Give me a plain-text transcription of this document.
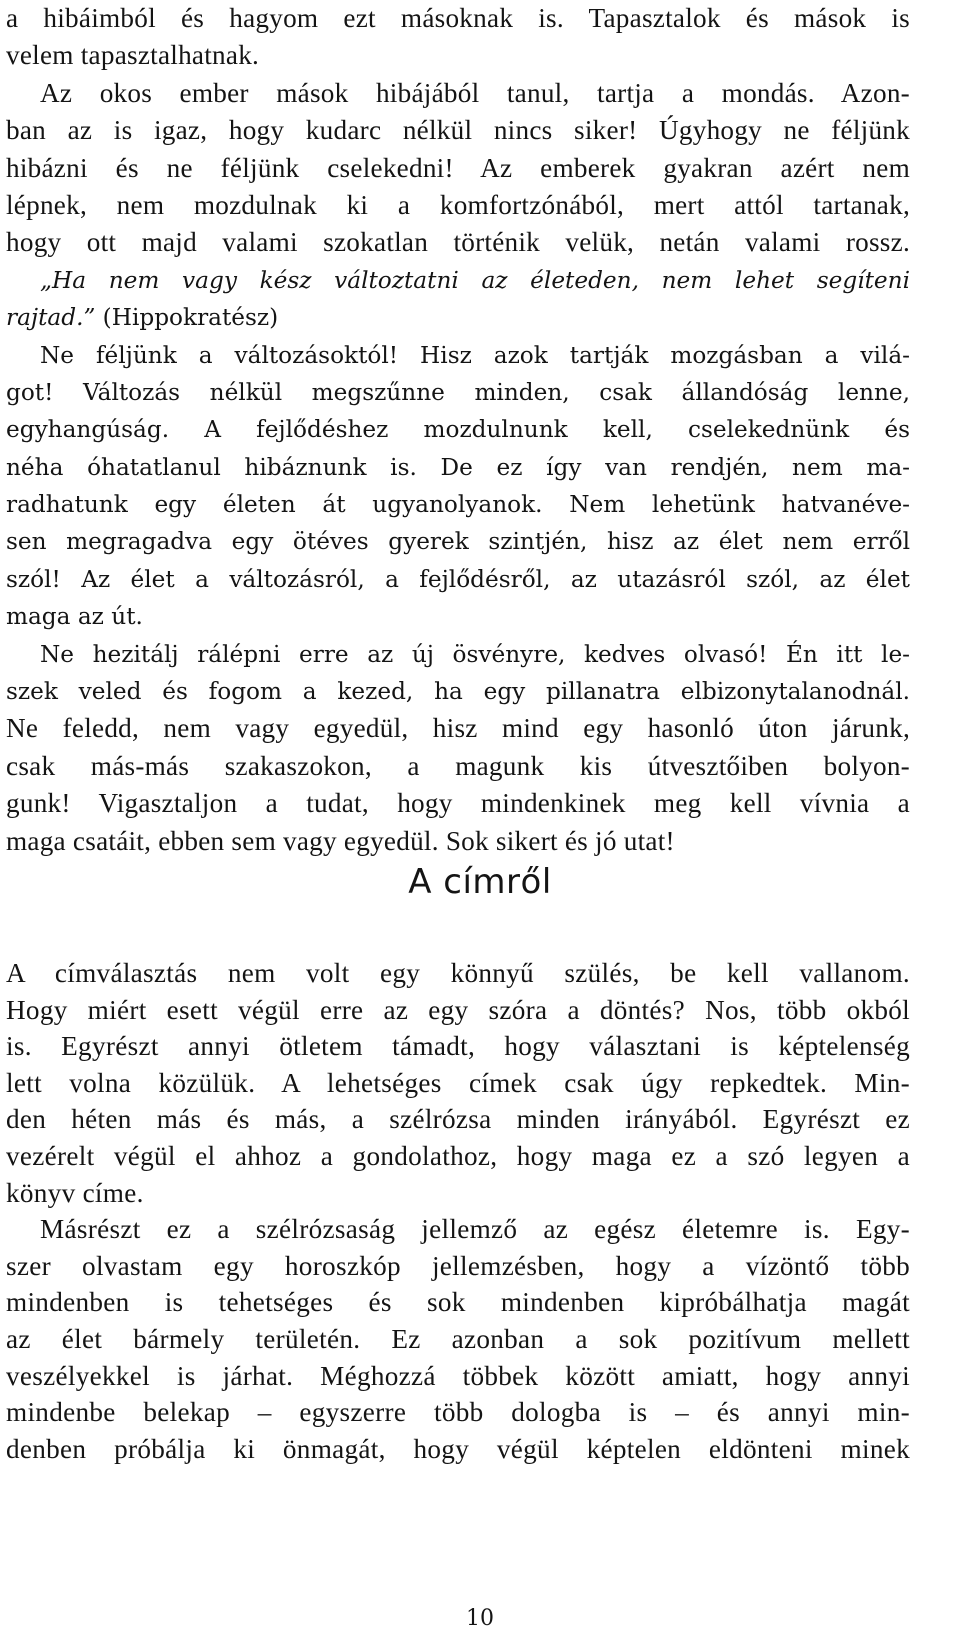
a hibáimból és hagyom ezt másoknak is. Tapasztalok és mások is
velem tapasztalhatnak.
Az okos ember mások hibájából tanul, tartja a mondás. Azon-
ban az is igaz, hogy kudarc nélkül nincs siker! Úgyhogy ne féljünk
hibázni és ne féljünk cselekedni! Az emberek gyakran azért nem
lépnek, nem mozdulnak ki a komfortzónából, mert attól tartanak,
hogy ott majd valami szokatlan történik velük, netán valami rossz.
„Ha nem vagy kész változtatni az életeden, nem lehet segíteni
rajtad.” (Hippokratész)
Ne féljünk a változásoktól! Hisz azok tartják mozgásban a vilá-
got! Változás nélkül megszűnne minden, csak állandóság lenne,
egyhangúság. A fejlődéshez mozdulnunk kell, cselekednünk és
néha óhatatlanul hibáznunk is. De ez így van rendjén, nem ma-
radhatunk egy életen át ugyanolyanok. Nem lehetünk hatvanéve-
sen megragadva egy ötéves gyerek szintjén, hisz az élet nem erről
szól! Az élet a változásról, a fejlődésről, az utazásról szól, az élet
maga az út.
Ne hezitálj rálépni erre az új ösvényre, kedves olvasó! Én itt le-
szek veled és fogom a kezed, ha egy pillanatra elbizonytalanodnál.
Ne feledd, nem vagy egyedül, hisz mind egy hasonló úton járunk,
csak más-más szakaszokon, a magunk kis útvesztőiben bolyon-
gunk! Vigasztaljon a tudat, hogy mindenkinek meg kell vívnia a
maga csatáit, ebben sem vagy egyedül. Sok sikert és jó utat!
A címről
A címválasztás nem volt egy könnyű szülés, be kell vallanom.
Hogy miért esett végül erre az egy szóra a döntés? Nos, több okból
is. Egyrészt annyi ötletem támadt, hogy választani is képtelenség
lett volna közülük. A lehetséges címek csak úgy repkedtek. Min-
den héten más és más, a szélrózsa minden irányából. Egyrészt ez
vezérelt végül el ahhoz a gondolathoz, hogy maga ez a szó legyen a
könyv címe.
Másrészt ez a szélrózsaság jellemző az egész életemre is. Egy-
szer olvastam egy horoszkóp jellemzésben, hogy a vízöntő több
mindenben is tehetséges és sok mindenben kipróbálhatja magát
az élet bármely területén. Ez azonban a sok pozitívum mellett
veszélyekkel is járhat. Méghozzá többek között amiatt, hogy annyi
mindenbe belekap – egyszerre több dologba is – és annyi min-
denben próbálja ki önmagát, hogy végül képtelen eldönteni minek
10
